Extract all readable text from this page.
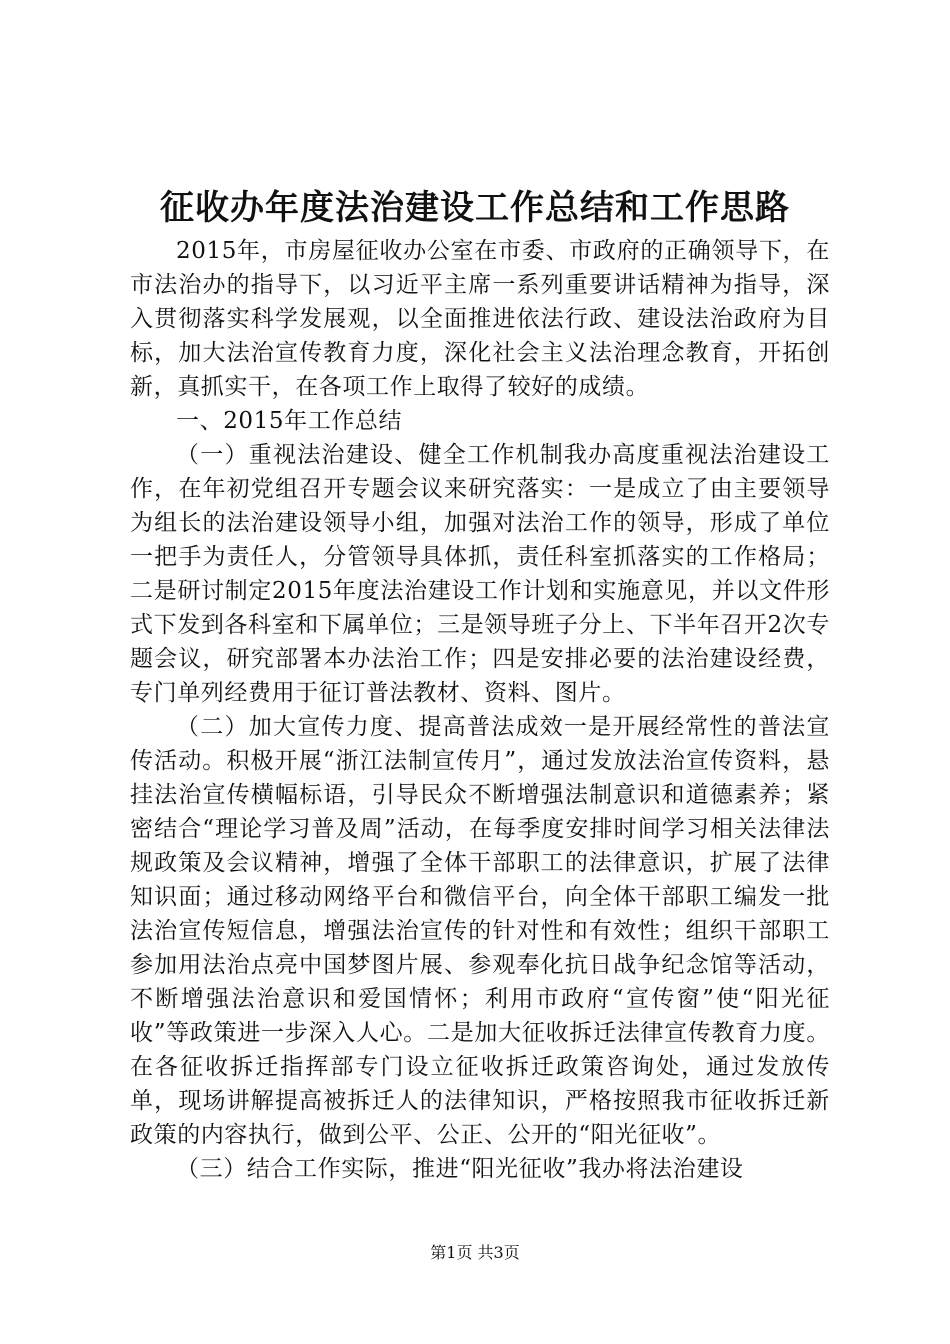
征收办年度法治建设工作总结和工作思路

2015年，市房屋征收办公室在市委、市政府的正确领导下，在市法治办的指导下，以习近平主席一系列重要讲话精神为指导，深入贯彻落实科学发展观，以全面推进依法行政、建设法治政府为目标，加大法治宣传教育力度，深化社会主义法治理念教育，开拓创新，真抓实干，在各项工作上取得了较好的成绩。

一、2015年工作总结

（一）重视法治建设、健全工作机制我办高度重视法治建设工作，在年初党组召开专题会议来研究落实：一是成立了由主要领导为组长的法治建设领导小组，加强对法治工作的领导，形成了单位一把手为责任人，分管领导具体抓，责任科室抓落实的工作格局；二是研讨制定2015年度法治建设工作计划和实施意见，并以文件形式下发到各科室和下属单位；三是领导班子分上、下半年召开2次专题会议，研究部署本办法治工作；四是安排必要的法治建设经费，专门单列经费用于征订普法教材、资料、图片。

（二）加大宣传力度、提高普法成效一是开展经常性的普法宣传活动。积极开展“浙江法制宣传月”，通过发放法治宣传资料，悬挂法治宣传横幅标语，引导民众不断增强法制意识和道德素养；紧密结合“理论学习普及周”活动，在每季度安排时间学习相关法律法规政策及会议精神，增强了全体干部职工的法律意识，扩展了法律知识面；通过移动网络平台和微信平台，向全体干部职工编发一批法治宣传短信息，增强法治宣传的针对性和有效性；组织干部职工参加用法治点亮中国梦图片展、参观奉化抗日战争纪念馆等活动，不断增强法治意识和爱国情怀；利用市政府“宣传窗”使“阳光征收”等政策进一步深入人心。二是加大征收拆迁法律宣传教育力度。在各征收拆迁指挥部专门设立征收拆迁政策咨询处，通过发放传单，现场讲解提高被拆迁人的法律知识，严格按照我市征收拆迁新政策的内容执行，做到公平、公正、公开的“阳光征收”。

（三）结合工作实际，推进“阳光征收”我办将法治建设

第1页 共3页
